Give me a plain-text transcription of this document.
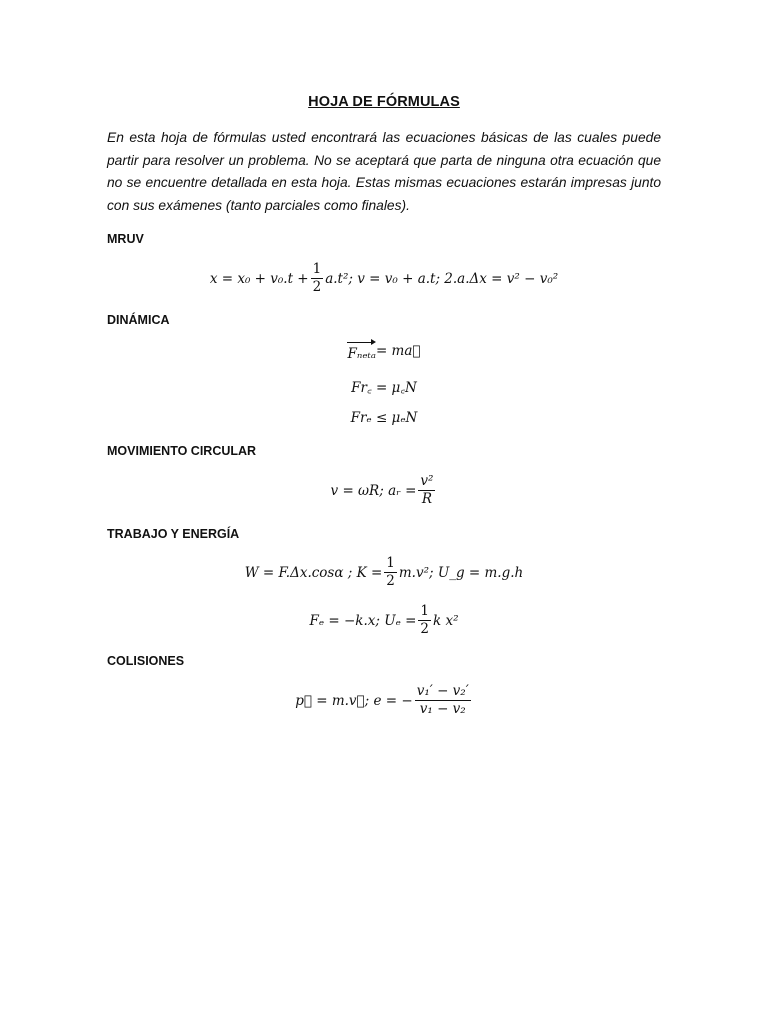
HOJA DE FÓRMULAS

En esta hoja de fórmulas usted encontrará las ecuaciones básicas de las cuales puede partir para resolver un problema. No se aceptará que parta de ninguna otra ecuación que no se encuentre detallada en esta hoja. Estas mismas ecuaciones estarán impresas junto con sus exámenes (tanto parciales como finales).

MRUV
$x = x_0 + v_0.t + \frac{1}{2} a.t^2$; v = v₀ + a.t; 2.a.Δx = v² − v₀²
DINÁMICA
Fₙₑₜₐ = ma⃗
Fr꜀ = μ꜀N
Frₑ ≤ μₑN
MOVIMIENTO CIRCULAR
v = ωR; aᵣ = $\frac{\text{v²}}{R}$
TRABAJO Y ENERGÍA
W = F.Δx.cosα ; $K = \frac{1}{2} m.v^2$; U_g = m.g.h
Fₑ = −k.x; $U_e = \frac{1}{2}$ k x²
COLISIONES
p⃗ = m.v⃗; e = − $\frac{\text{v₁′ − v₂′}}{\text{v₁ − v₂}}$
